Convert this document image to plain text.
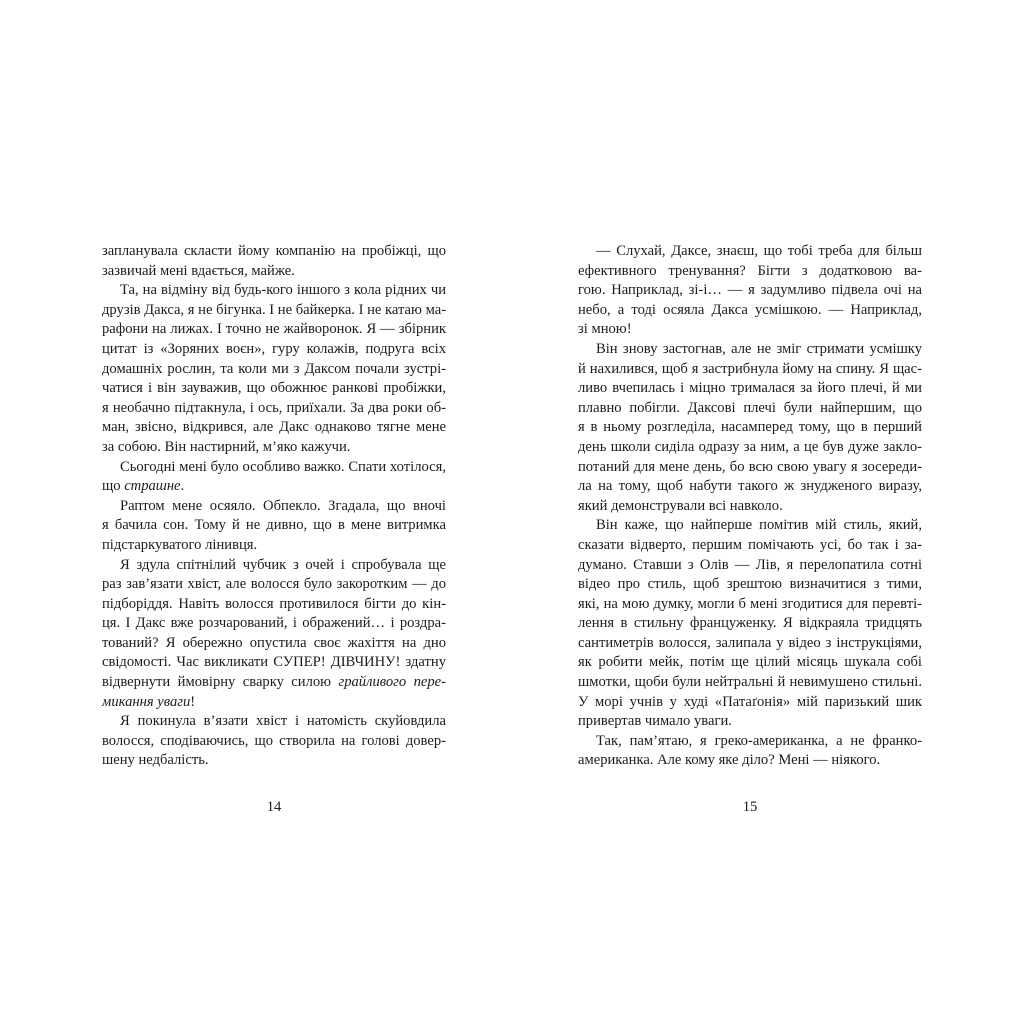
запланувала скласти йому компанію на пробіжці, що
зазвичай мені вдається, майже.

Та, на відміну від будь-кого іншого з кола рідних чи
друзів Дакса, я не бігунка. І не байкерка. І не катаю ма-
рафони на лижах. І точно не жайворонок. Я — збірник
цитат із «Зоряних воєн», гуру колажів, подруга всіх
домашніх рослин, та коли ми з Даксом почали зустрі-
чатися і він зауважив, що обожнює ранкові пробіжки,
я необачно підтакнула, і ось, приїхали. За два роки об-
ман, звісно, відкрився, але Дакс однаково тягне мене
за собою. Він настирний, м’яко кажучи.

Сьогодні мені було особливо важко. Спати хотілося,
що страшне.

Раптом мене осяяло. Обпекло. Згадала, що вночі
я бачила сон. Тому й не дивно, що в мене витримка
підстаркуватого лінивця.

Я здула спітнілий чубчик з очей і спробувала ще
раз зав’язати хвіст, але волосся було закоротким — до
підборіддя. Навіть волосся противилося бігти до кін-
ця. І Дакс вже розчарований, і ображений… і роздра-
тований? Я обережно опустила своє жахіття на дно
свідомості. Час викликати СУПЕР! ДІВЧИНУ! здатну
відвернути ймовірну сварку силою грайливого пере-
микання уваги!

Я покинула в’язати хвіст і натомість скуйовдила
волосся, сподіваючись, що створила на голові довер-
шену недбалість.

14

— Слухай, Даксе, знаєш, що тобі треба для більш
ефективного тренування? Бігти з додатковою ва-
гою. Наприклад, зі-і… — я задумливо підвела очі на
небо, а тоді осяяла Дакса усмішкою. — Наприклад,
зі мною!

Він знову застогнав, але не зміг стримати усмішку
й нахилився, щоб я застрибнула йому на спину. Я щас-
ливо вчепилась і міцно трималася за його плечі, й ми
плавно побігли. Даксові плечі були найпершим, що
я в ньому розгледіла, насамперед тому, що в перший
день школи сиділа одразу за ним, а це був дуже закло-
потаний для мене день, бо всю свою увагу я зосереди-
ла на тому, щоб набути такого ж знудженого виразу,
який демонстрували всі навколо.

Він каже, що найперше помітив мій стиль, який,
сказати відверто, першим помічають усі, бо так і за-
думано. Ставши з Олів — Лів, я перелопатила сотні
відео про стиль, щоб зрештою визначитися з тими,
які, на мою думку, могли б мені згодитися для перевті-
лення в стильну француженку. Я відкраяла тридцять
сантиметрів волосся, залипала у відео з інструкціями,
як робити мейк, потім ще цілий місяць шукала собі
шмотки, щоби були нейтральні й невимушено стильні.
У морі учнів у худі «Патаґонія» мій паризький шик
привертав чимало уваги.

Так, пам’ятаю, я греко-американка, а не франко-
американка. Але кому яке діло? Мені — ніякого.

15
